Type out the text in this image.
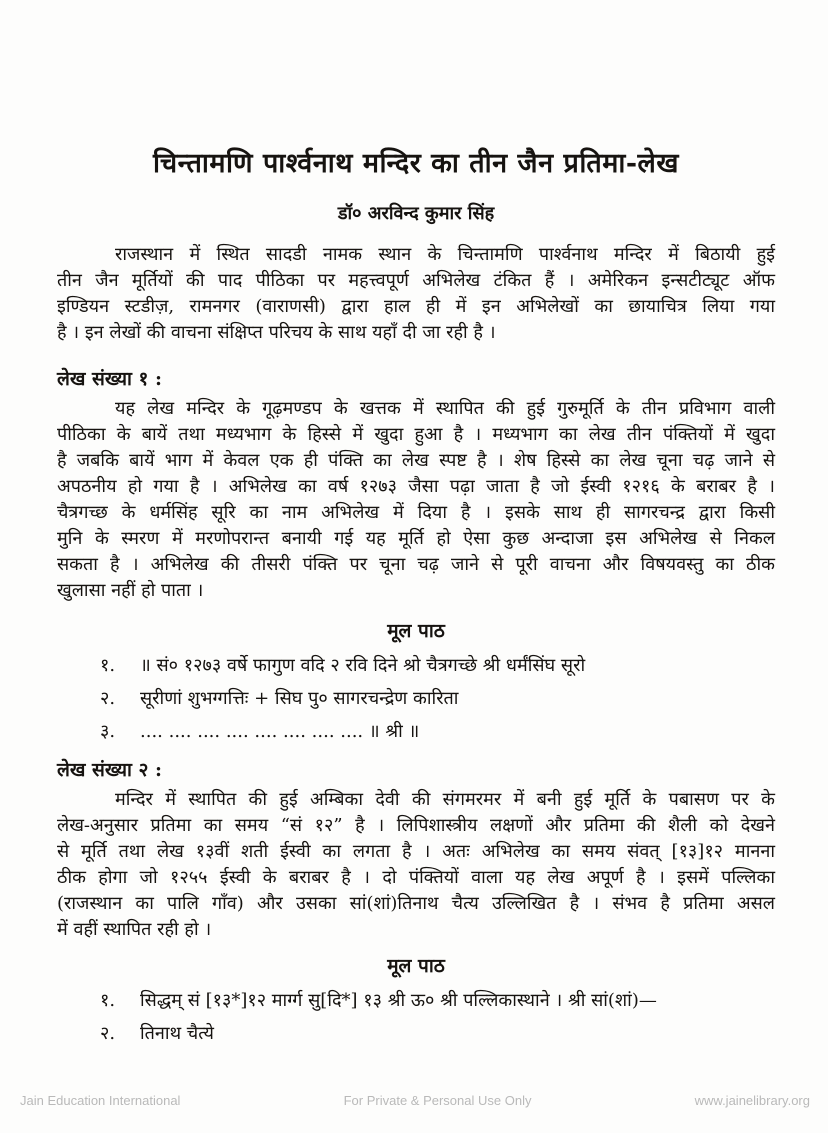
चिन्तामणि पार्श्वनाथ मन्दिर का तीन जैन प्रतिमा-लेख
डॉ० अरविन्द कुमार सिंह
राजस्थान में स्थित सादडी नामक स्थान के चिन्तामणि पार्श्वनाथ मन्दिर में बिठायी हुई
तीन जैन मूर्तियों की पाद पीठिका पर महत्त्वपूर्ण अभिलेख टंकित हैं । अमेरिकन इन्सटीट्यूट ऑफ
इण्डियन स्टडीज़, रामनगर (वाराणसी) द्वारा हाल ही में इन अभिलेखों का छायाचित्र लिया गया
है । इन लेखों की वाचना संक्षिप्त परिचय के साथ यहाँ दी जा रही है ।
लेख संख्या १ :
यह लेख मन्दिर के गूढ़मण्डप के खत्तक में स्थापित की हुई गुरुमूर्ति के तीन प्रविभाग वाली
पीठिका के बायें तथा मध्यभाग के हिस्से में खुदा हुआ है । मध्यभाग का लेख तीन पंक्तियों में खुदा
है जबकि बायें भाग में केवल एक ही पंक्ति का लेख स्पष्ट है । शेष हिस्से का लेख चूना चढ़ जाने से
अपठनीय हो गया है । अभिलेख का वर्ष १२७३ जैसा पढ़ा जाता है जो ईस्वी १२१६ के बराबर है ।
चैत्रगच्छ के धर्मसिंह सूरि का नाम अभिलेख में दिया है । इसके साथ ही सागरचन्द्र द्वारा किसी
मुनि के स्मरण में मरणोपरान्त बनायी गई यह मूर्ति हो ऐसा कुछ अन्दाजा इस अभिलेख से निकल
सकता है । अभिलेख की तीसरी पंक्ति पर चूना चढ़ जाने से पूरी वाचना और विषयवस्तु का ठीक
खुलासा नहीं हो पाता ।
मूल पाठ
१.	॥ सं० १२७३ वर्षे फागुण वदि २ रवि दिने श्रो चैत्रगच्छे श्री धर्मंसिंघ सूरो
२.	सूरीणां शुभग्गत्तिः + सिघ पु० सागरचन्द्रेण कारिता
३.	.... .... .... .... .... .... .... .... ॥ श्री ॥
लेख संख्या २ :
मन्दिर में स्थापित की हुई अम्बिका देवी की संगमरमर में बनी हुई मूर्ति के पबासण पर के
लेख-अनुसार प्रतिमा का समय “सं १२” है । लिपिशास्त्रीय लक्षणों और प्रतिमा की शैली को देखने
से मूर्ति तथा लेख १३वीं शती ईस्वी का लगता है । अतः अभिलेख का समय संवत् [१३]१२ मानना
ठीक होगा जो १२५५ ईस्वी के बराबर है । दो पंक्तियों वाला यह लेख अपूर्ण है । इसमें पल्लिका
(राजस्थान का पालि गाँव) और उसका सां(शां)तिनाथ चैत्य उल्लिखित है । संभव है प्रतिमा असल
में वहीं स्थापित रही हो ।
मूल पाठ
१.	सिद्धम् सं [१३*]१२ मार्ग्ग सु[दि*] १३ श्री ऊ० श्री पल्लिकास्थाने । श्री सां(शां)—
२.	तिनाथ चैत्ये
Jain Education International	For Private & Personal Use Only	www.jainelibrary.org
